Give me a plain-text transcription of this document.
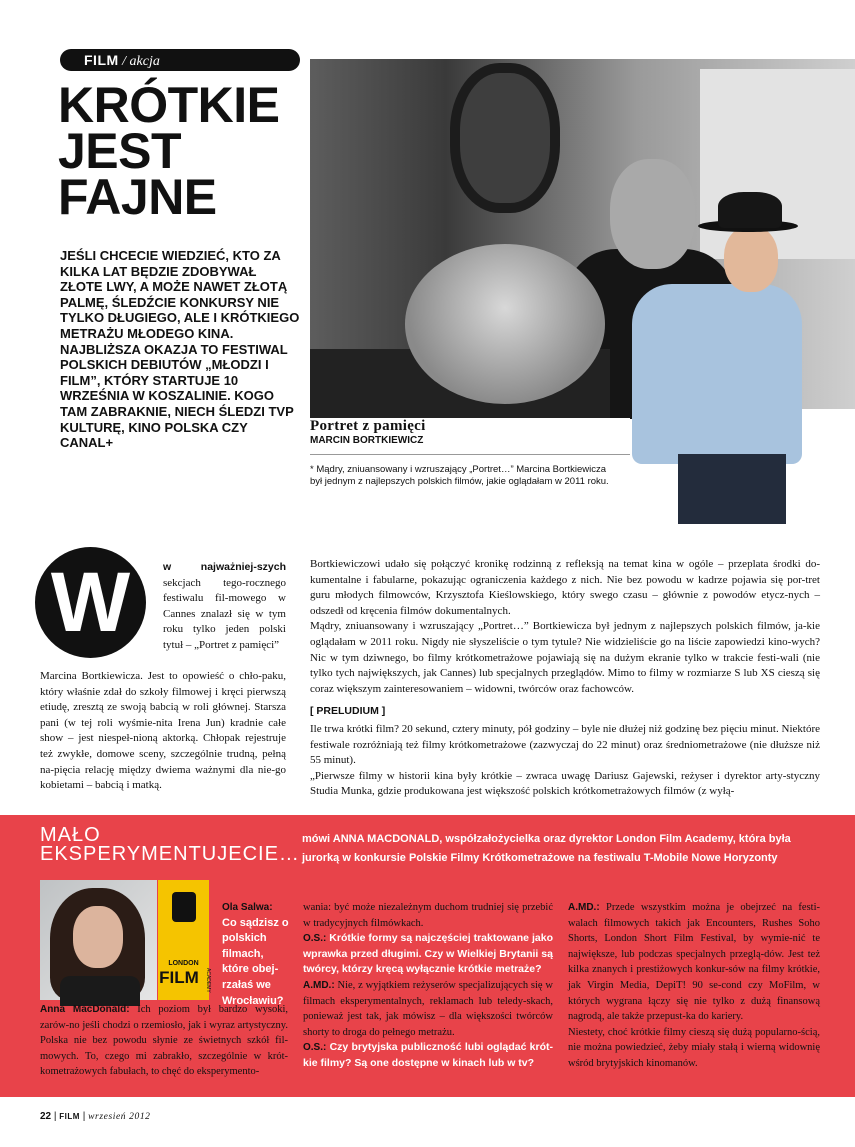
FILM / akcja
KRÓTKIE
JEST
FAJNE
JEŚLI CHCECIE WIEDZIEĆ, KTO ZA KILKA LAT BĘDZIE ZDOBYWAŁ ZŁOTE LWY, A MOŻE NAWET ZŁOTĄ PALMĘ, ŚLEDŹCIE KONKURSY NIE TYLKO DŁUGIEGO, ALE I KRÓTKIEGO METRAŻU MŁODEGO KINA. NAJBLIŻSZA OKAZJA TO FESTIWAL POLSKICH DEBIUTÓW „MŁODZI I FILM”, KTÓRY STARTUJE 10 WRZEŚNIA W KOSZALINIE. KOGO TAM ZABRAKNIE, NIECH ŚLEDZI TVP KULTURĘ, KINO POLSKA CZY CANAL+
Portret z pamięci
MARCIN BORTKIEWICZ
* Mądry, zniuansowany i wzruszający „Portret…” Marcina Bortkiewicza był jednym z najlepszych polskich filmów, jakie oglądałam w 2011 roku.
W	w najważniej-szych sekcjach tego-rocznego festiwalu fil-mowego w Cannes znalazł się w tym roku tylko jeden polski tytuł – „Portret z pamięci”
Marcina Bortkiewicza. Jest to opowieść o chło-paku, który właśnie zdał do szkoły filmowej i kręci pierwszą etiudę, zresztą ze swoją babcią w roli głównej. Starsza pani (w tej roli wyśmie-nita Irena Jun) kradnie całe show – jest niespeł-nioną aktorką. Chłopak rejestruje też zwykłe, domowe sceny, szczególnie trudną, pełną na-pięcia relację między dwiema ważnymi dla nie-go kobietami – babcią i matką.

Bortkiewiczowi udało się połączyć kronikę rodzinną z refleksją na temat kina w ogóle – przeplata środki do-kumentalne i fabularne, pokazując ograniczenia każdego z nich. Nie bez powodu w kadrze pojawia się por-tret guru młodych filmowców, Krzysztofa Kieślowskiego, który swego czasu – głównie z powodów etycz-nych – odszedł od kręcenia filmów dokumentalnych.

Mądry, zniuansowany i wzruszający „Portret…” Bortkiewicza był jednym z najlepszych polskich filmów, ja-kie oglądałam w 2011 roku. Nigdy nie słyszeliście o tym tytule? Nie widzieliście go na liście zapowiedzi kino-wych? Nic w tym dziwnego, bo filmy krótkometrażowe pojawiają się na dużym ekranie tylko w trakcie festi-wali (nie tylko tych największych, jak Cannes) lub specjalnych przeglądów. Mimo to filmy w rozmiarze S lub XS cieszą się coraz większym zainteresowaniem – widowni, twórców oraz fachowców.

[ PRELUDIUM ]

Ile trwa krótki film? 20 sekund, cztery minuty, pół godziny – byle nie dłużej niż godzinę bez pięciu minut. Niektóre festiwale rozróżniają też filmy krótkometrażowe (zazwyczaj do 22 minut) oraz średniometrażowe (nie dłuższe niż 55 minut).

„Pierwsze filmy w historii kina były krótkie – zwraca uwagę Dariusz Gajewski, reżyser i dyrektor arty-styczny Studia Munka, gdzie produkowana jest większość polskich krótkometrażowych filmów (z wyłą-

MAŁO
EKSPERYMENTUJECIE…
mówi ANNA MACDONALD, współzałożycielka oraz dyrektor London Film Academy, która była jurorką w konkursie Polskie Filmy Krótkometrażowe na festiwalu T-Mobile Nowe Horyzonty
LONDON
FILM	ACADEMY
Ola Salwa:
Co sądzisz o polskich filmach, które obej-rzałaś we Wrocławiu?

Anna MacDonald: Ich poziom był bardzo wysoki, zarów-no jeśli chodzi o rzemiosło, jak i wyraz artystyczny. Polska nie bez powodu słynie ze świetnych szkół fil-mowych. To, czego mi zabrakło, szczególnie w krót-kometrażowych fabułach, to chęć do eksperymento-

wania: być może niezależnym duchom trudniej się przebić w tradycyjnych filmówkach.

O.S.: Krótkie formy są najczęściej traktowane jako wprawka przed długimi. Czy w Wielkiej Brytanii są twórcy, którzy kręcą wyłącznie krótkie metraże?

A.MD.: Nie, z wyjątkiem reżyserów specjalizujących się w filmach eksperymentalnych, reklamach lub teledy-skach, ponieważ jest tak, jak mówisz – dla większości twórców shorty to droga do pełnego metrażu.

O.S.: Czy brytyjska publiczność lubi oglądać krót-kie filmy? Są one dostępne w kinach lub w tv?

A.MD.: Przede wszystkim można je obejrzeć na festi-walach filmowych takich jak Encounters, Rushes Soho Shorts, London Short Film Festival, by wymie-nić te największe, lub podczas specjalnych przeglą-dów. Jest też kilka znanych i prestiżowych konkur-sów na filmy krótkie, jak Virgin Media, DepiT! 90 se-cond czy MoFilm, w których wygrana łączy się nie tylko z dużą finansową nagrodą, ale także przepust-ka do kariery.

Niestety, choć krótkie filmy cieszą się dużą popularno-ścią, nie można powiedzieć, żeby miały stałą i wierną widownię wśród brytyjskich kinomanów.

22 | FILM | wrzesień 2012
